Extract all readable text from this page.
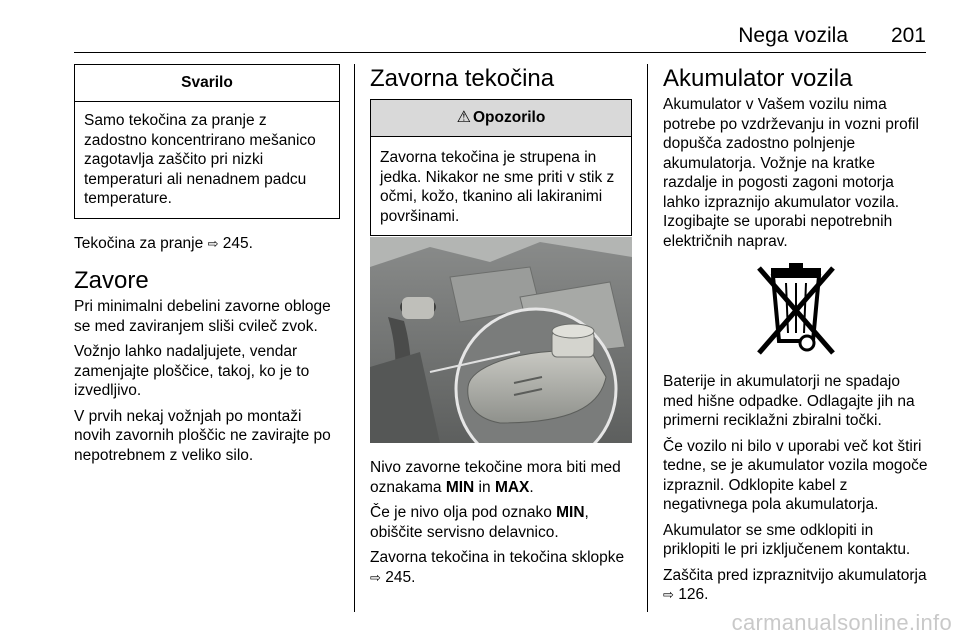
Nega vozila 201
Svarilo
Samo tekočina za pranje z zadostno koncentrirano mešanico zagotavlja zaščito pri nizki temperaturi ali nenadnem padcu temperature.

Tekočina za pranje ⇨ 245.

Zavore

Pri minimalni debelini zavorne obloge se med zaviranjem sliši cvileč zvok.

Vožnjo lahko nadaljujete, vendar zamenjajte ploščice, takoj, ko je to izvedljivo.

V prvih nekaj vožnjah po montaži novih zavornih ploščic ne zavirajte po nepotrebnem z veliko silo.

Zavorna tekočina
⚠ Opozorilo
Zavorna tekočina je strupena in jedka. Nikakor ne sme priti v stik z očmi, kožo, tkanino ali lakiranimi površinami.

Nivo zavorne tekočine mora biti med oznakama MIN in MAX.

Če je nivo olja pod oznako MIN, obiščite servisno delavnico.

Zavorna tekočina in tekočina sklopke
⇨ 245.

Akumulator vozila

Akumulator v Vašem vozilu nima potrebe po vzdrževanju in vozni profil dopušča zadostno polnjenje akumulatorja. Vožnje na kratke razdalje in pogosti zagoni motorja lahko izpraznijo akumulator vozila. Izogibajte se uporabi nepotrebnih električnih naprav.

Baterije in akumulatorji ne spadajo med hišne odpadke. Odlagajte jih na primerni reciklažni zbiralni točki.

Če vozilo ni bilo v uporabi več kot štiri tedne, se je akumulator vozila mogoče izpraznil. Odklopite kabel z negativnega pola akumulatorja.

Akumulator se sme odklopiti in priklopiti le pri izključenem kontaktu.

Zaščita pred izpraznitvijo akumulatorja ⇨ 126.

carmanualsonline.info
